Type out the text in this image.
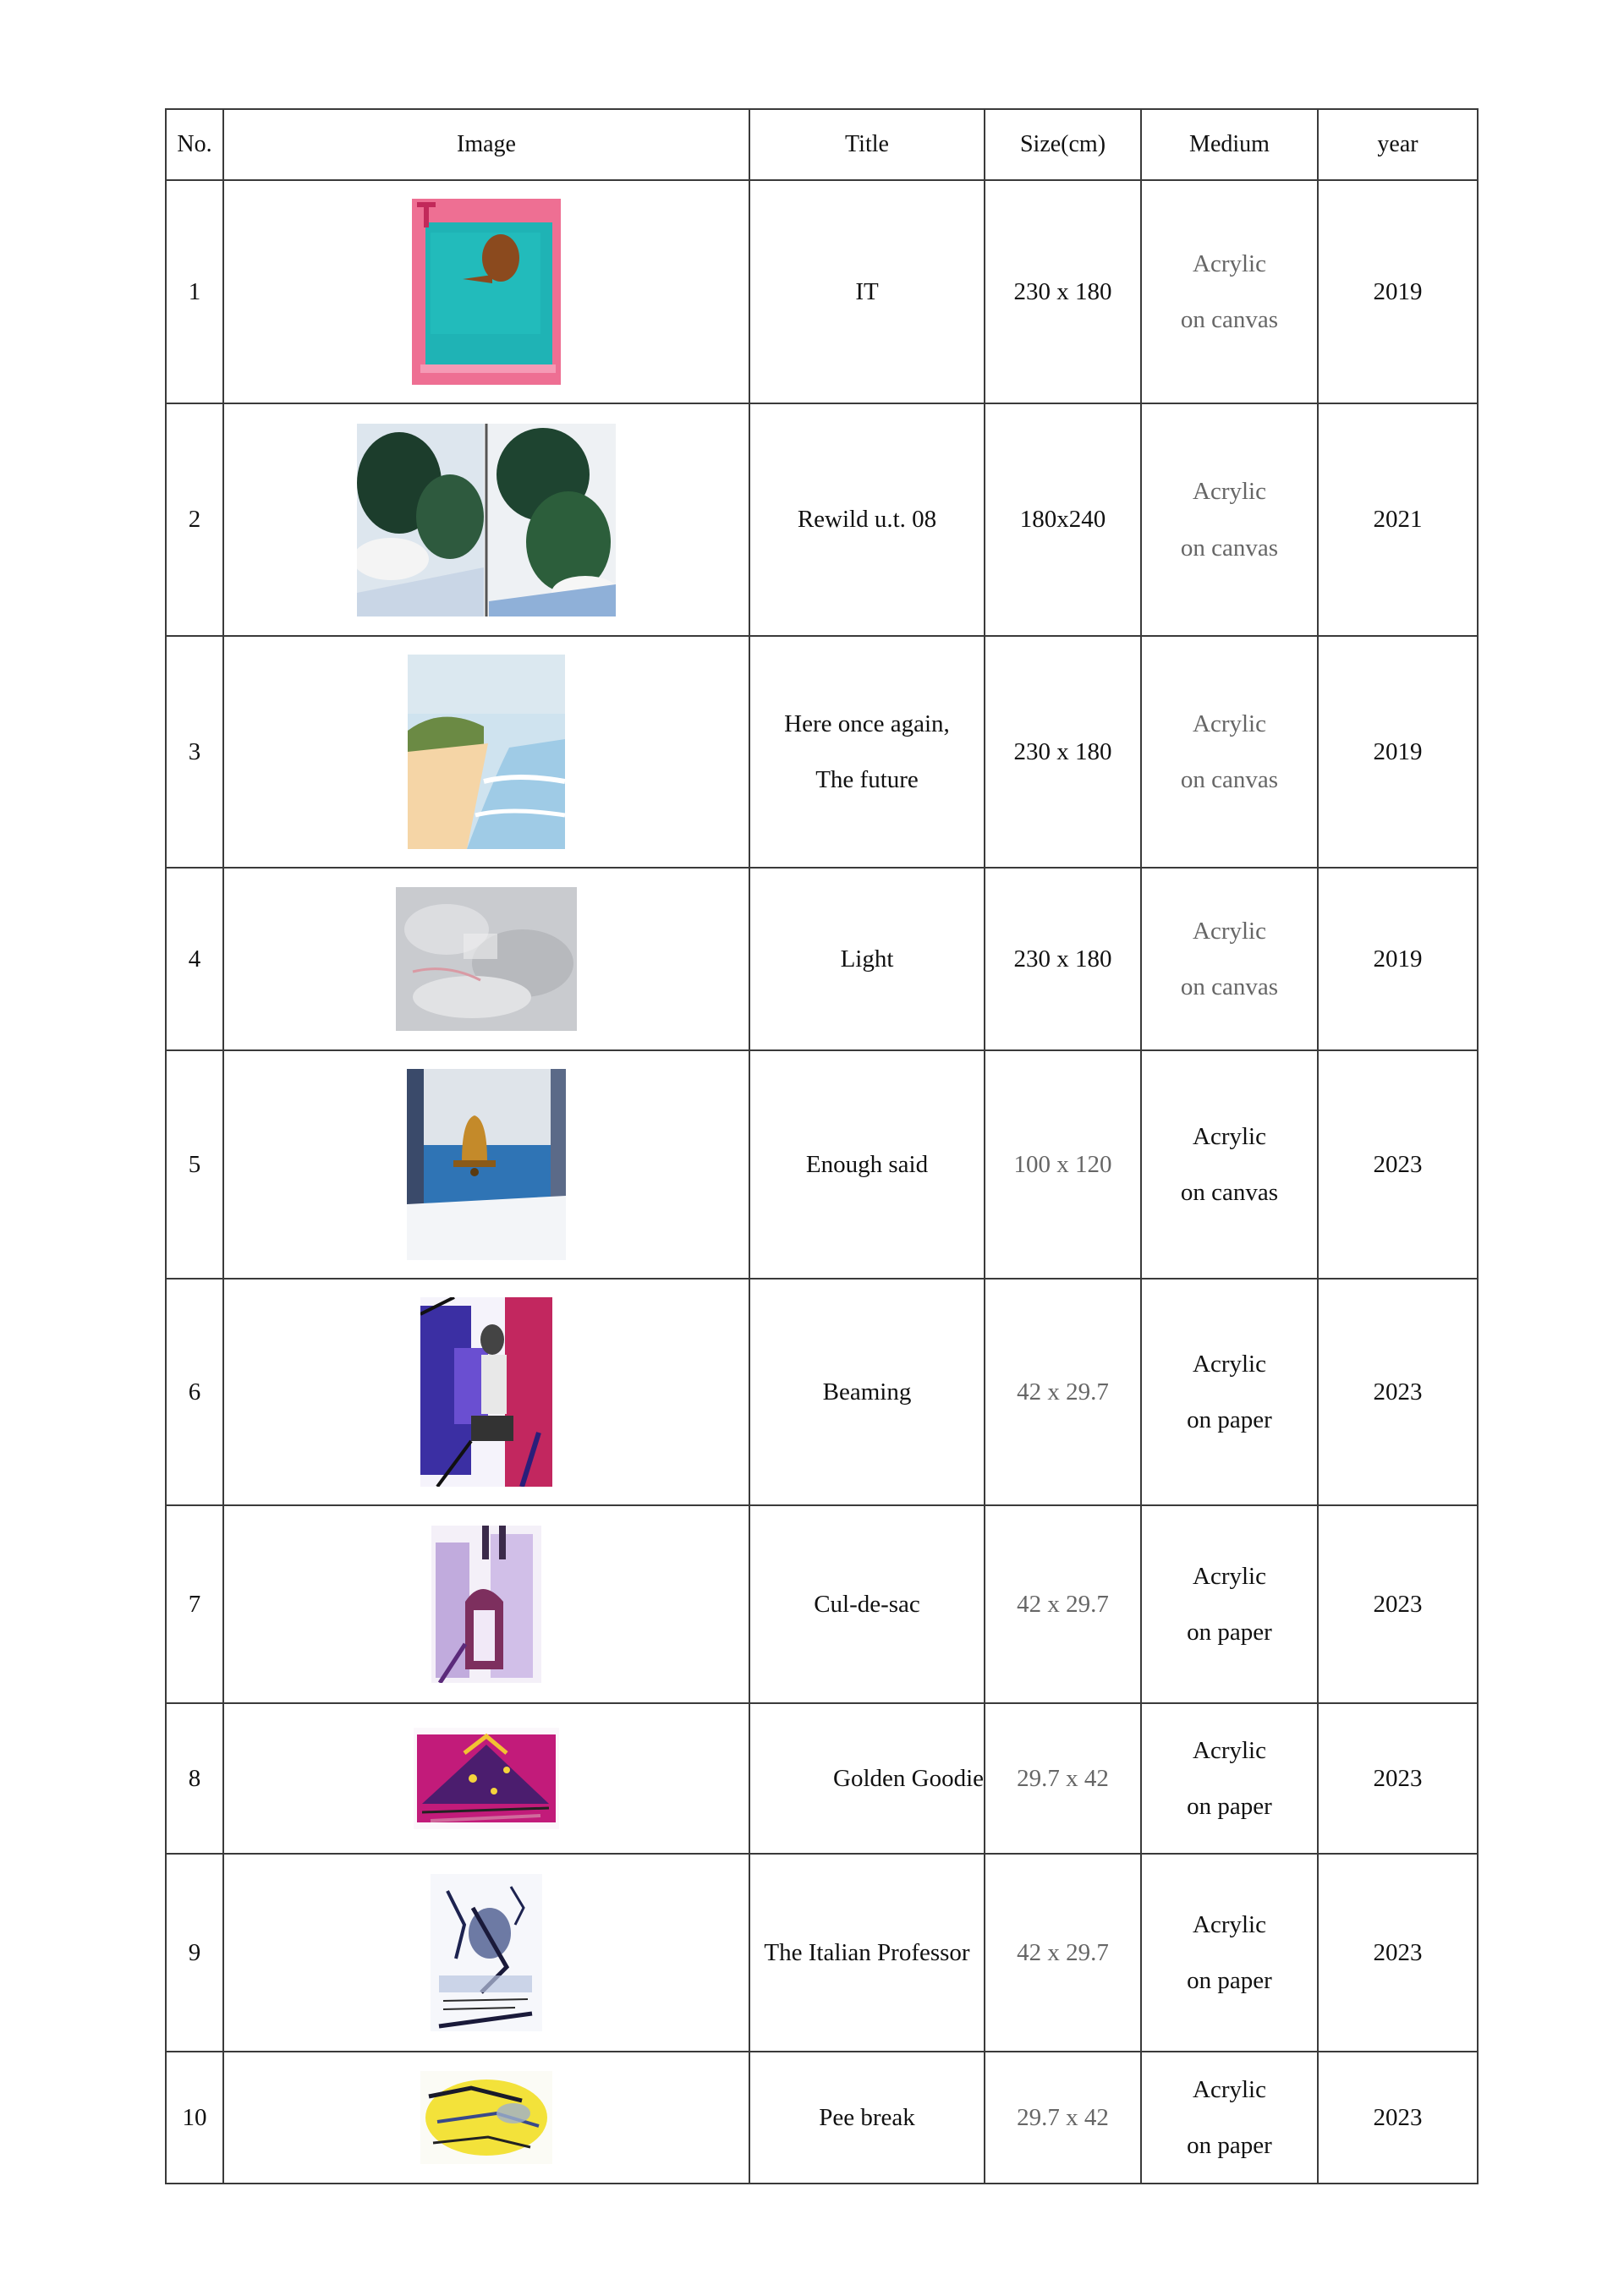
No.	Image	Title	Size(cm)	Medium	year
1		IT	230 x 180	Acrylic
on canvas	2019
2		Rewild u.t. 08	180x240	Acrylic
on canvas	2021
3		Here once again,
The future	230 x 180	Acrylic
on canvas	2019
4		Light	230 x 180	Acrylic
on canvas	2019
5		Enough said	100 x 120	Acrylic
on canvas	2023
6		Beaming	42 x 29.7	Acrylic
on paper	2023
7		Cul-de-sac	42 x 29.7	Acrylic
on paper	2023
8		Golden Goodie	29.7 x 42	Acrylic
on paper	2023
9		The Italian Professor	42 x 29.7	Acrylic
on paper	2023
10		Pee break	29.7 x 42	Acrylic
on paper	2023
